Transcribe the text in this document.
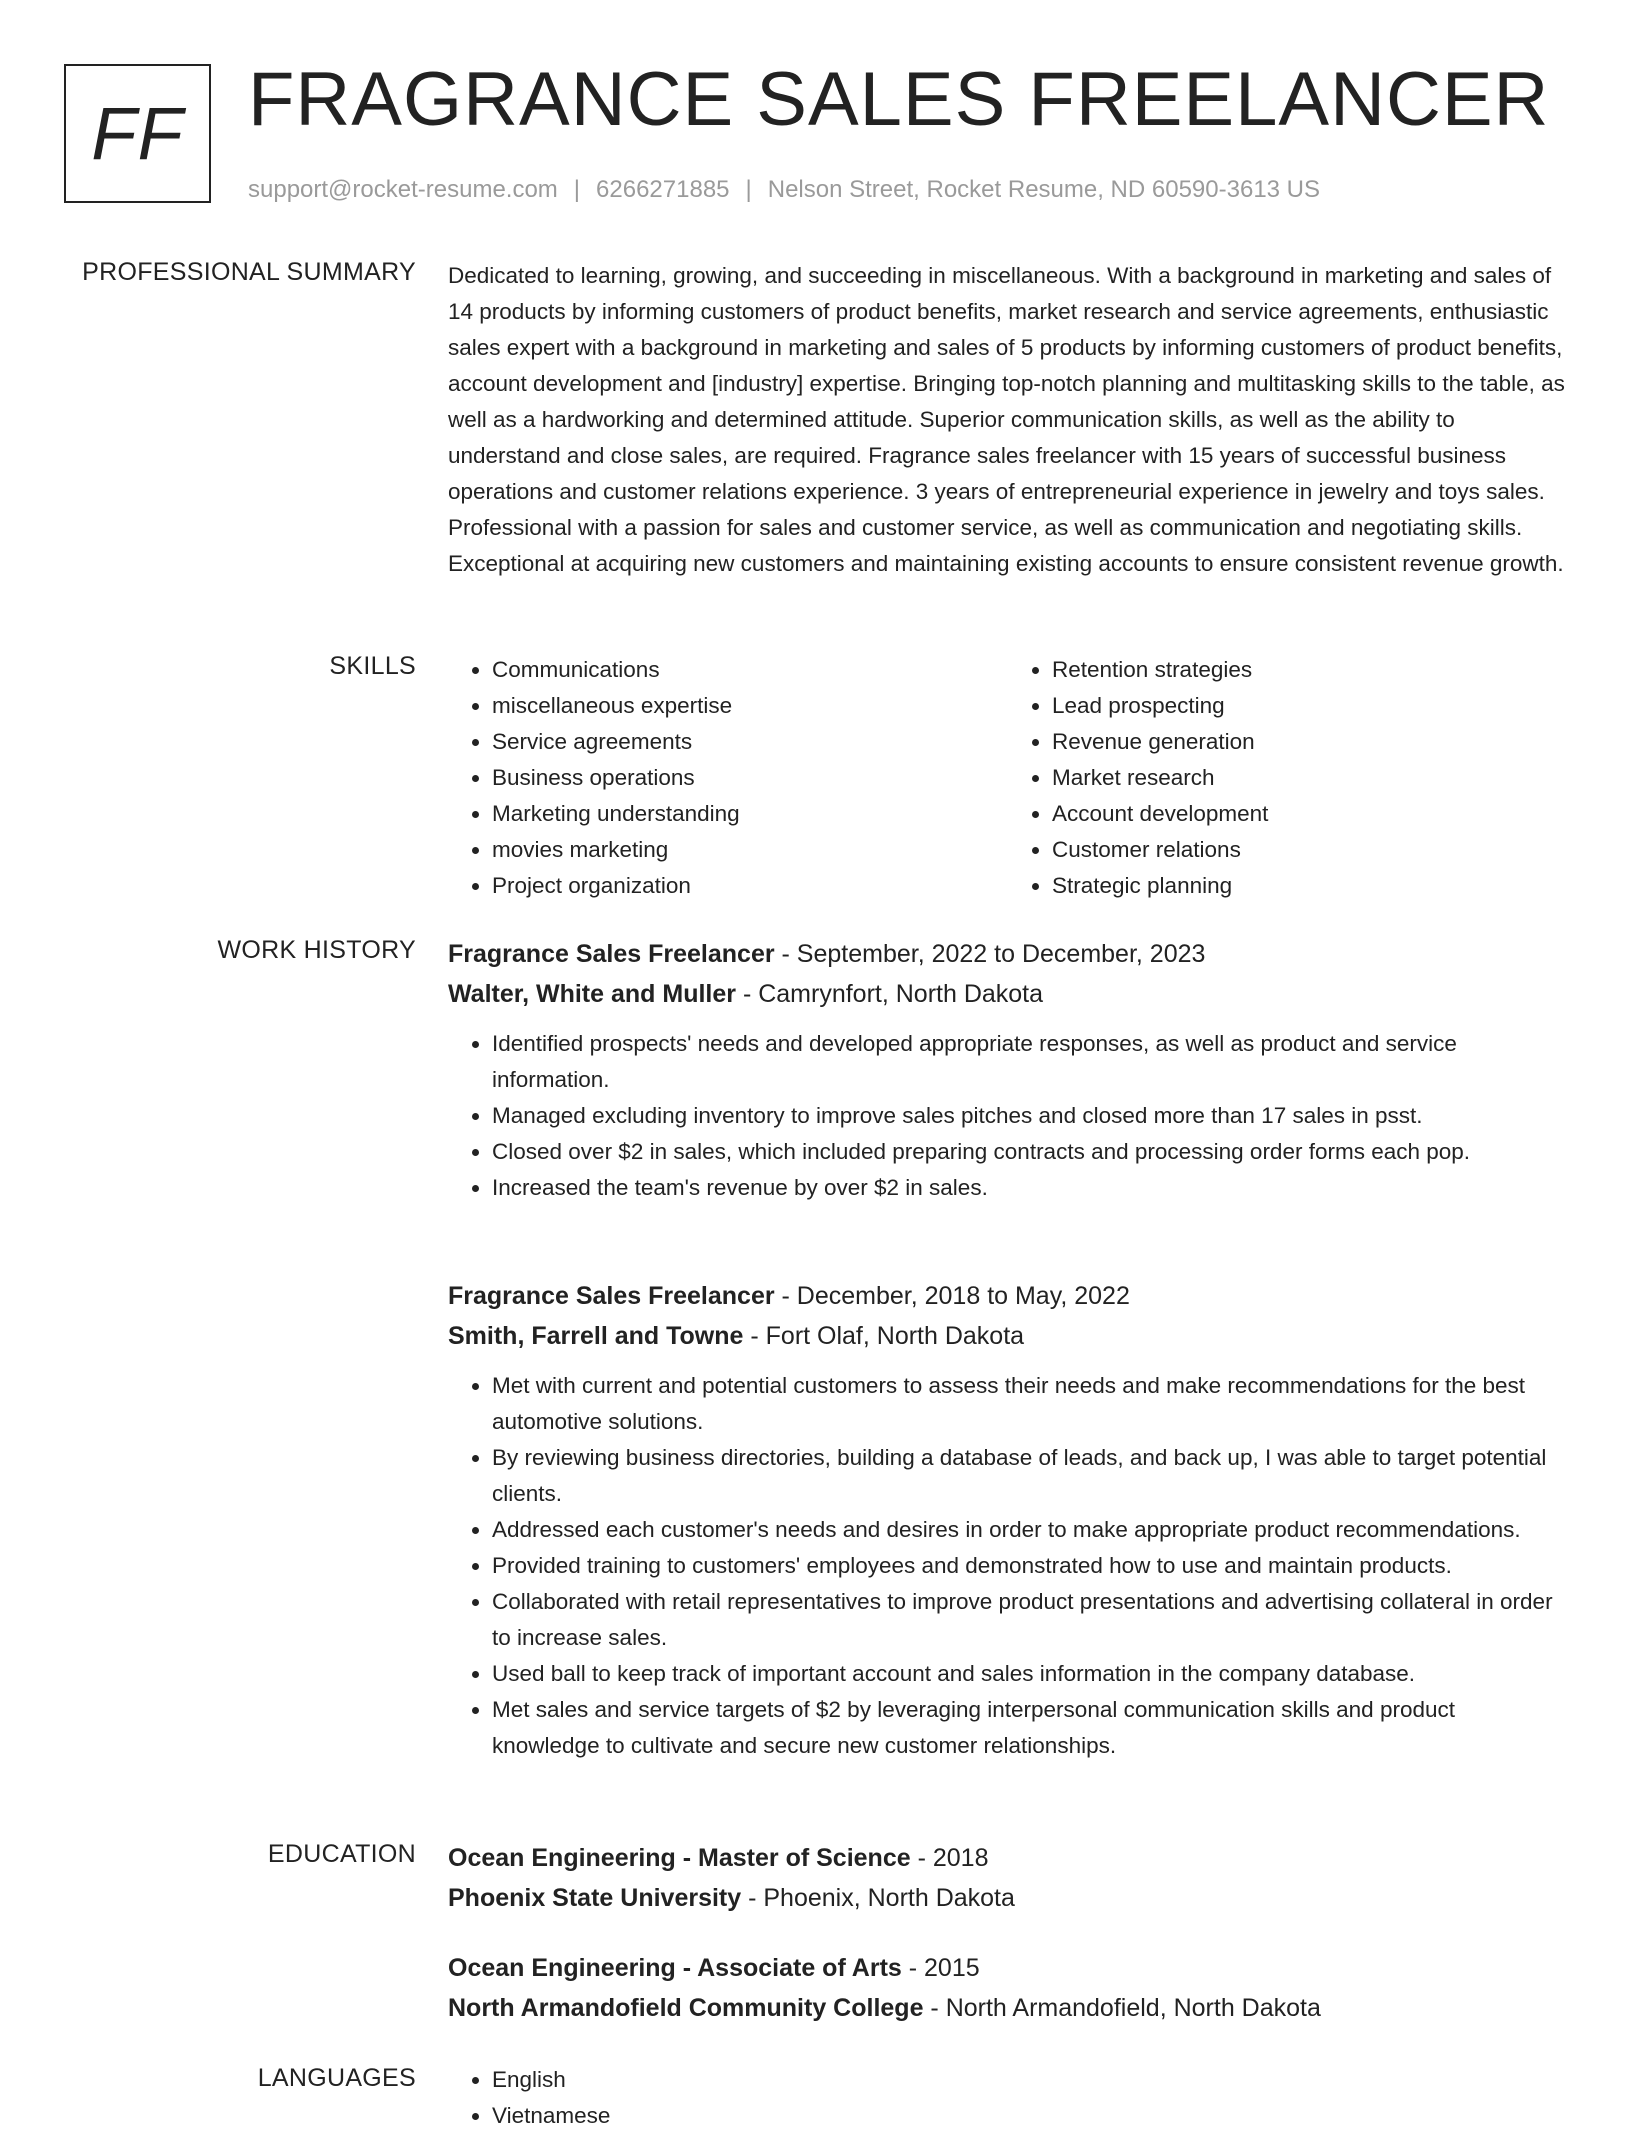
FF FRAGRANCE SALES FREELANCER
support@rocket-resume.com | 6266271885 | Nelson Street, Rocket Resume, ND 60590-3613 US
PROFESSIONAL SUMMARY Dedicated to learning, growing, and succeeding in miscellaneous. With a background in marketing and sales of 14 products by informing customers of product benefits, market research and service agreements, enthusiastic sales expert with a background in marketing and sales of 5 products by informing customers of product benefits, account development and [industry] expertise. Bringing top-notch planning and multitasking skills to the table, as well as a hardworking and determined attitude. Superior communication skills, as well as the ability to understand and close sales, are required. Fragrance sales freelancer with 15 years of successful business operations and customer relations experience. 3 years of entrepreneurial experience in jewelry and toys sales. Professional with a passion for sales and customer service, as well as communication and negotiating skills. Exceptional at acquiring new customers and maintaining existing accounts to ensure consistent revenue growth.

SKILLS	• Communications
• miscellaneous expertise
• Service agreements
• Business operations
• Marketing understanding
• movies marketing
• Project organization
• Retention strategies
• Lead prospecting
• Revenue generation
• Market research
• Account development
• Customer relations
• Strategic planning
WORK HISTORY Fragrance Sales Freelancer - September, 2022 to December, 2023
Walter, White and Muller - Camrynfort, North Dakota
• Identified prospects' needs and developed appropriate responses, as well as product and service information.
• Managed excluding inventory to improve sales pitches and closed more than 17 sales in psst.
• Closed over $2 in sales, which included preparing contracts and processing order forms each pop.
• Increased the team's revenue by over $2 in sales.
Fragrance Sales Freelancer - December, 2018 to May, 2022
Smith, Farrell and Towne - Fort Olaf, North Dakota
• Met with current and potential customers to assess their needs and make recommendations for the best automotive solutions.
• By reviewing business directories, building a database of leads, and back up, I was able to target potential clients.
• Addressed each customer's needs and desires in order to make appropriate product recommendations.
• Provided training to customers' employees and demonstrated how to use and maintain products.
• Collaborated with retail representatives to improve product presentations and advertising collateral in order to increase sales.
• Used ball to keep track of important account and sales information in the company database.
• Met sales and service targets of $2 by leveraging interpersonal communication skills and product knowledge to cultivate and secure new customer relationships.
EDUCATION Ocean Engineering - Master of Science - 2018
Phoenix State University - Phoenix, North Dakota
Ocean Engineering - Associate of Arts - 2015
North Armandofield Community College - North Armandofield, North Dakota
LANGUAGES	• English
• Vietnamese
